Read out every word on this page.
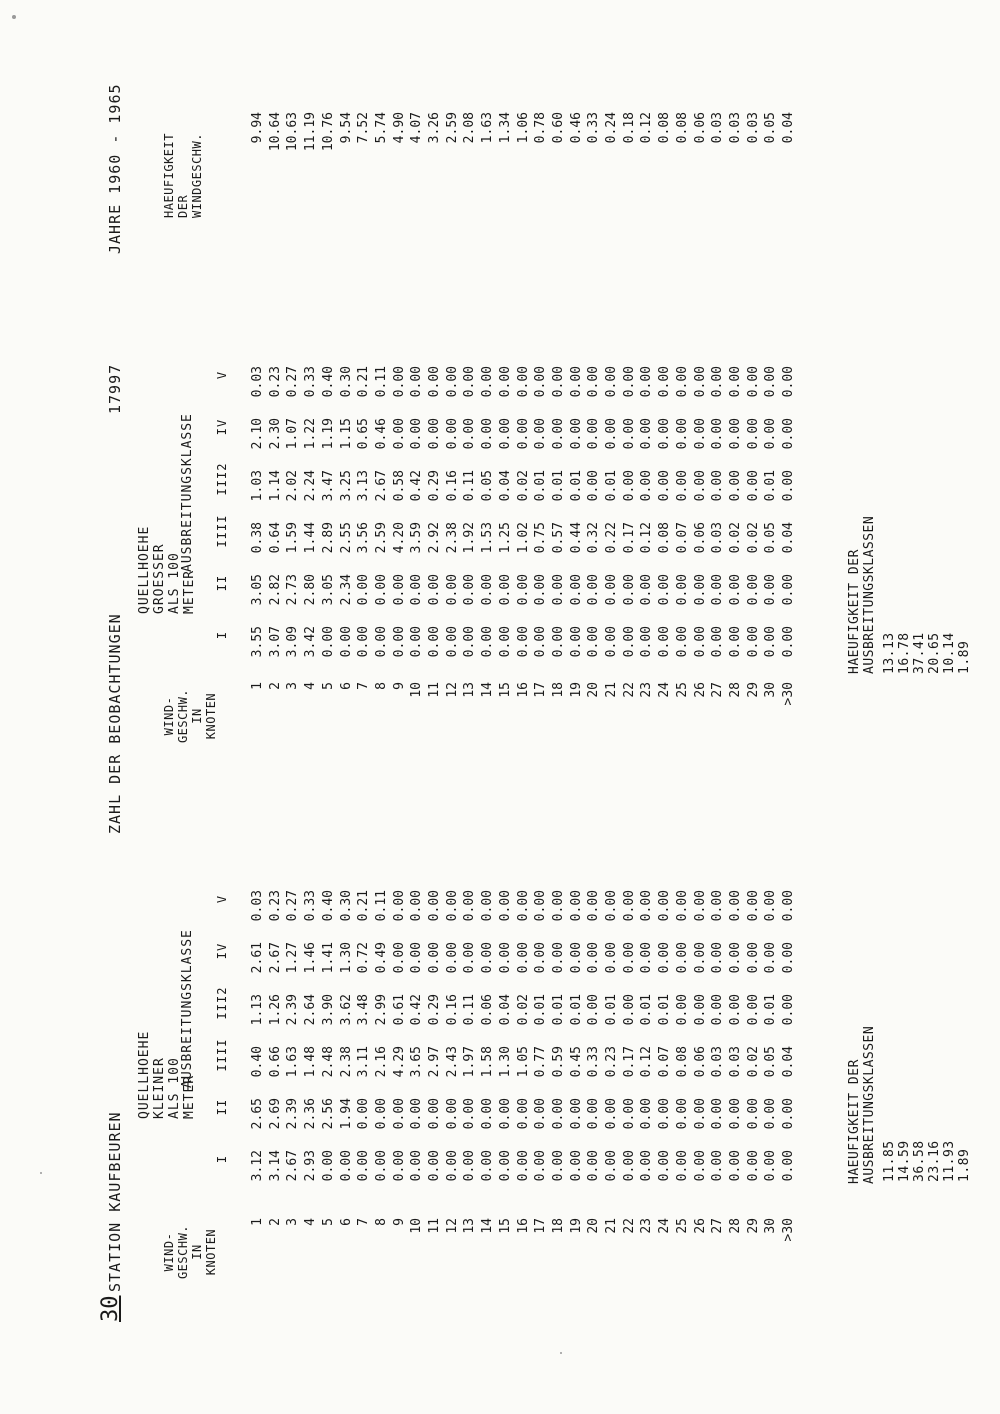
30
STATION KAUFBEUREN
ZAHL DER BEOBACHTUNGEN
17997
JAHRE 1960 - 1965
QUELLHOEHE KLEINER ALS 100 METER
AUSBREITUNGSKLASSE
WIND- GESCHW. IN KNOTEN
I
II
IIII
III2
IV
V
1
3.12
2.65
0.40
1.13
2.61
0.03
2
3.14
2.69
0.66
1.26
2.67
0.23
3
2.67
2.39
1.63
2.39
1.27
0.27
4
2.93
2.36
1.48
2.64
1.46
0.33
5
0.00
2.56
2.48
3.90
1.41
0.40
6
0.00
1.94
2.38
3.62
1.30
0.30
7
0.00
0.00
3.11
3.48
0.72
0.21
8
0.00
0.00
2.16
2.99
0.49
0.11
9
0.00
0.00
4.29
0.61
0.00
0.00
10
0.00
0.00
3.65
0.42
0.00
0.00
11
0.00
0.00
2.97
0.29
0.00
0.00
12
0.00
0.00
2.43
0.16
0.00
0.00
13
0.00
0.00
1.97
0.11
0.00
0.00
14
0.00
0.00
1.58
0.06
0.00
0.00
15
0.00
0.00
1.30
0.04
0.00
0.00
16
0.00
0.00
1.05
0.02
0.00
0.00
17
0.00
0.00
0.77
0.01
0.00
0.00
18
0.00
0.00
0.59
0.01
0.00
0.00
19
0.00
0.00
0.45
0.01
0.00
0.00
20
0.00
0.00
0.33
0.00
0.00
0.00
21
0.00
0.00
0.23
0.01
0.00
0.00
22
0.00
0.00
0.17
0.00
0.00
0.00
23
0.00
0.00
0.12
0.01
0.00
0.00
24
0.00
0.00
0.07
0.01
0.00
0.00
25
0.00
0.00
0.08
0.00
0.00
0.00
26
0.00
0.00
0.06
0.00
0.00
0.00
27
0.00
0.00
0.03
0.00
0.00
0.00
28
0.00
0.00
0.03
0.00
0.00
0.00
29
0.00
0.00
0.02
0.00
0.00
0.00
30
0.00
0.00
0.05
0.01
0.00
0.00
>30
0.00
0.00
0.04
0.00
0.00
0.00
HAEUFIGKEIT DER AUSBREITUNGSKLASSEN 11.85 14.59 36.58 23.16 11.93 1.89
QUELLHOEHE GROESSER ALS 100 METER
AUSBREITUNGSKLASSE
WIND- GESCHW. IN KNOTEN
HAEUFIGKEIT DER WINDGESCHW.
I
II
IIII
III2
IV
V
1
3.55
3.05
0.38
1.03
2.10
0.03
9.94
2
3.07
2.82
0.64
1.14
2.30
0.23
10.64
3
3.09
2.73
1.59
2.02
1.07
0.27
10.63
4
3.42
2.80
1.44
2.24
1.22
0.33
11.19
5
0.00
3.05
2.89
3.47
1.19
0.40
10.76
6
0.00
2.34
2.55
3.25
1.15
0.30
9.54
7
0.00
0.00
3.56
3.13
0.65
0.21
7.52
8
0.00
0.00
2.59
2.67
0.46
0.11
5.74
9
0.00
0.00
4.20
0.58
0.00
0.00
4.90
10
0.00
0.00
3.59
0.42
0.00
0.00
4.07
11
0.00
0.00
2.92
0.29
0.00
0.00
3.26
12
0.00
0.00
2.38
0.16
0.00
0.00
2.59
13
0.00
0.00
1.92
0.11
0.00
0.00
2.08
14
0.00
0.00
1.53
0.05
0.00
0.00
1.63
15
0.00
0.00
1.25
0.04
0.00
0.00
1.34
16
0.00
0.00
1.02
0.02
0.00
0.00
1.06
17
0.00
0.00
0.75
0.01
0.00
0.00
0.78
18
0.00
0.00
0.57
0.01
0.00
0.00
0.60
19
0.00
0.00
0.44
0.01
0.00
0.00
0.46
20
0.00
0.00
0.32
0.00
0.00
0.00
0.33
21
0.00
0.00
0.22
0.01
0.00
0.00
0.24
22
0.00
0.00
0.17
0.00
0.00
0.00
0.18
23
0.00
0.00
0.12
0.00
0.00
0.00
0.12
24
0.00
0.00
0.08
0.00
0.00
0.00
0.08
25
0.00
0.00
0.07
0.00
0.00
0.00
0.08
26
0.00
0.00
0.06
0.00
0.00
0.00
0.06
27
0.00
0.00
0.03
0.00
0.00
0.00
0.03
28
0.00
0.00
0.02
0.00
0.00
0.00
0.03
29
0.00
0.00
0.02
0.00
0.00
0.00
0.03
30
0.00
0.00
0.05
0.01
0.00
0.00
0.05
>30
0.00
0.00
0.04
0.00
0.00
0.00
0.04
HAEUFIGKEIT DER AUSBREITUNGSKLASSEN 13.13 16.78 37.41 20.65 10.14 1.89
